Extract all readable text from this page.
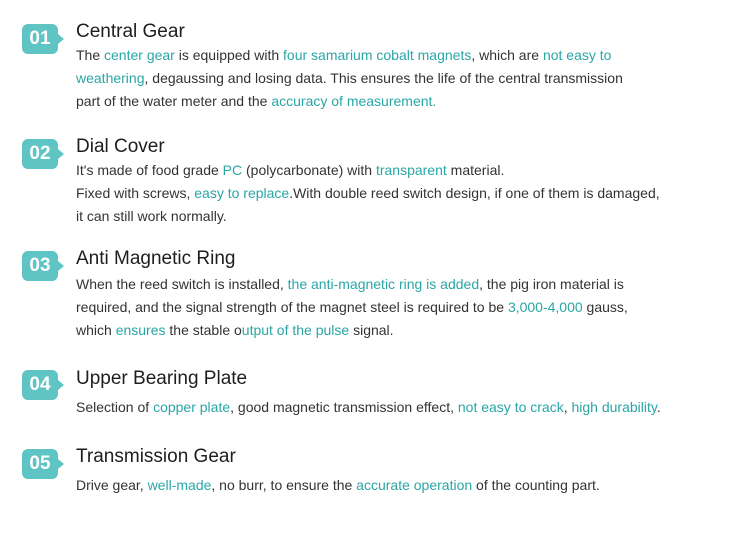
01	Central Gear
The center gear is equipped with four samarium cobalt magnets, which are not easy to
weathering, degaussing and losing data. This ensures the life of the central transmission
part of the water meter and the accuracy of measurement.
02	Dial Cover
It's made of food grade PC (polycarbonate) with transparent material.
Fixed with screws, easy to replace.With double reed switch design, if one of them is damaged,
it can still work normally.
03	Anti Magnetic Ring
When the reed switch is installed, the anti-magnetic ring is added, the pig iron material is
required, and the signal strength of the magnet steel is required to be 3,000-4,000 gauss,
which ensures the stable output of the pulse signal.
04	Upper Bearing Plate
Selection of copper plate, good magnetic transmission effect, not easy to crack, high durability.
05	Transmission Gear
Drive gear, well-made, no burr, to ensure the accurate operation of the counting part.
